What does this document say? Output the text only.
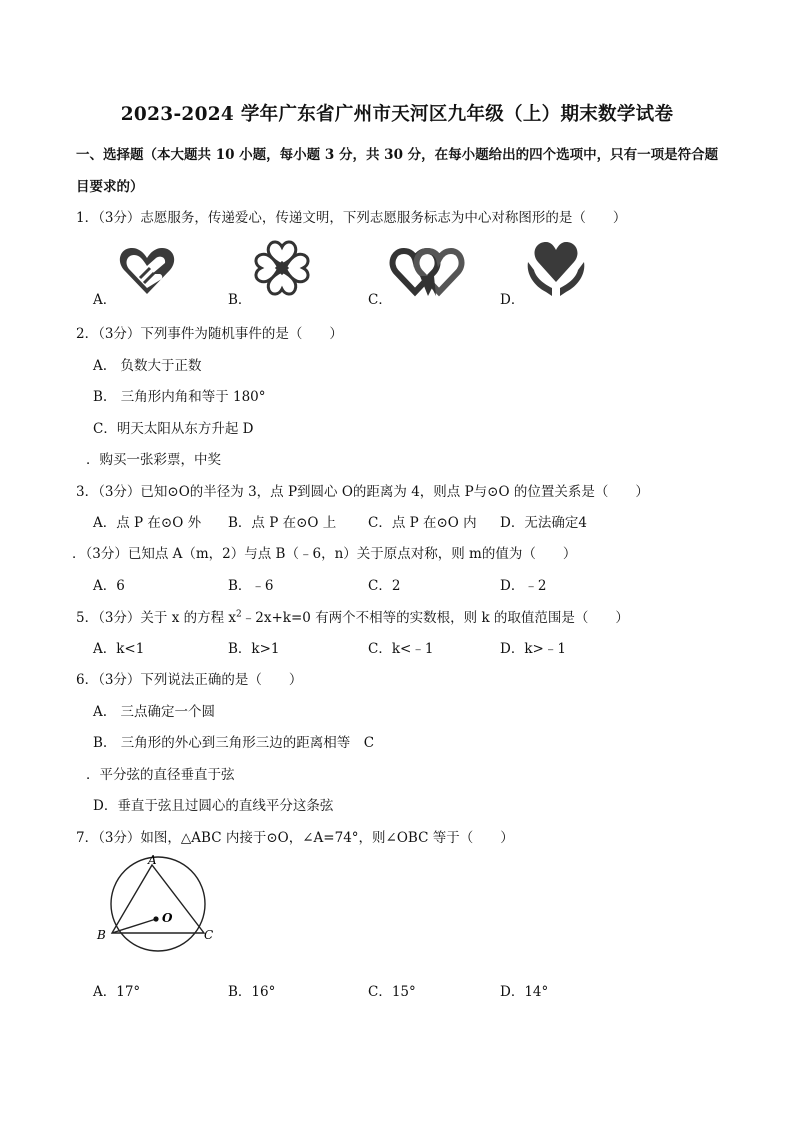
2023-2024 学年广东省广州市天河区九年级（上）期末数学试卷
一、选择题（本大题共 10 小题，每小题 3 分，共 30 分，在每小题给出的四个选项中，只有一项是符合题
目要求的）
1．（3分）志愿服务，传递爱心，传递文明，下列志愿服务标志为中心对称图形的是（　　）
A．	B．	C．	D．
2．（3分）下列事件为随机事件的是（　　）
A.　负数大于正数
B.　三角形内角和等于 180°
C．明天太阳从东方升起 D
．购买一张彩票，中奖
3．（3分）已知⊙O的半径为 3，点 P到圆心 O的距离为 4，则点 P与⊙O 的位置关系是（　　）
A．点 P 在⊙O 外 B．点 P 在⊙O 上 C．点 P 在⊙O 内 D．无法确定4
．（3分）已知点 A（m，2）与点 B（﹣6，n）关于原点对称，则 m的值为（　　）
A．6	B．﹣6	C．2	D．﹣2
5．（3分）关于 x 的方程 $x^2﹣2x+k=0$ 有两个不相等的实数根，则 k 的取值范围是（　　）
A．k<1	B．k>1	C．k<﹣1	D．k>﹣1
6．（3分）下列说法正确的是（　　）
A.　三点确定一个圆
B.　三角形的外心到三角形三边的距离相等　C
．平分弦的直径垂直于弦
D．垂直于弦且过圆心的直线平分这条弦
7．（3分）如图，△ABC 内接于⊙O，∠A=74°，则∠OBC 等于（　　）
A
B	C
O
A．17°	B．16°	C．15°	D．14°
